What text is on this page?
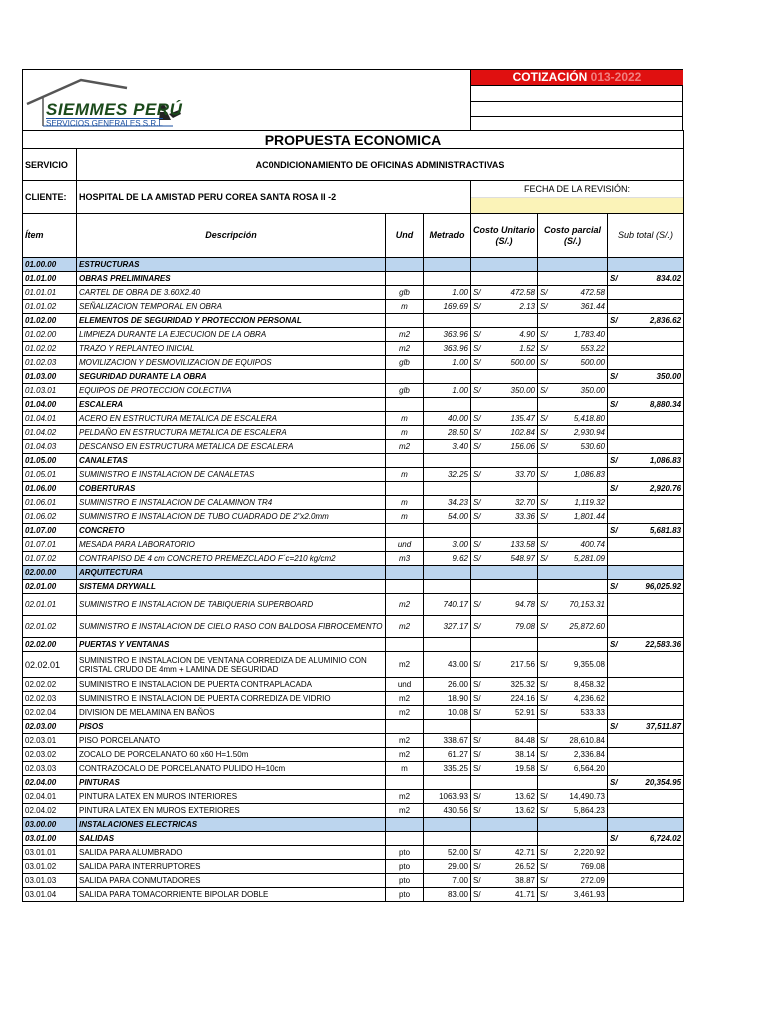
SIEMMES PERÚ
SERVICIOS GENERALES S.R.L
COTIZACIÓN 013-2022
PROPUESTA ECONOMICA						
SERVICIO	AC0NDICIONAMIENTO DE OFICINAS ADMINISTRACTIVAS					
CLIENTE:	HOSPITAL DE LA AMISTAD PERU COREA SANTA ROSA II -2			FECHA DE LA REVISIÓN:		

Ítem	Descripción	Und	Metrado	Costo Unitario (S/.)	Costo parcial (S/.)	Sub total (S/.)
01.00.00	ESTRUCTURAS					
01.01.00	OBRAS PRELIMINARES					S/ 834.02

01.01.01	CARTEL DE OBRA DE 3.60X2.40	glb	1.00	S/ 472.58	S/ 472.58	

01.01.02	SEÑALIZACION TEMPORAL EN OBRA	m	169.69	S/ 2.13	S/ 361.44	

01.02.00	ELEMENTOS DE SEGURIDAD Y PROTECCION PERSONAL					S/ 2,836.62

01.02.00	LIMPIEZA DURANTE LA EJECUCION DE LA OBRA	m2	363.96	S/ 4.90	S/ 1,783.40	

01.02.02	TRAZO Y REPLANTEO INICIAL	m2	363.96	S/ 1.52	S/ 553.22	

01.02.03	MOVILIZACION Y DESMOVILIZACION DE EQUIPOS	glb	1.00	S/ 500.00	S/ 500.00	

01.03.00	SEGURIDAD DURANTE LA OBRA					S/ 350.00

01.03.01	EQUIPOS DE PROTECCION COLECTIVA	glb	1.00	S/ 350.00	S/ 350.00	

01.04.00	ESCALERA					S/ 8,880.34

01.04.01	ACERO EN ESTRUCTURA METALICA DE ESCALERA	m	40.00	S/ 135.47	S/ 5,418.80	

01.04.02	PELDAÑO EN ESTRUCTURA METALICA DE ESCALERA	m	28.50	S/ 102.84	S/ 2,930.94	

01.04.03	DESCANSO EN ESTRUCTURA METALICA DE ESCALERA	m2	3.40	S/ 156.06	S/ 530.60	

01.05.00	CANALETAS					S/ 1,086.83

01.05.01	SUMINISTRO E INSTALACION DE CANALETAS	m	32.25	S/ 33.70	S/ 1,086.83	

01.06.00	COBERTURAS					S/ 2,920.76

01.06.01	SUMINISTRO E INSTALACION DE CALAMINON TR4	m	34.23	S/ 32.70	S/ 1,119.32	

01.06.02	SUMINISTRO E INSTALACION DE TUBO CUADRADO DE 2"x2.0mm	m	54.00	S/ 33.36	S/ 1,801.44	

01.07.00	CONCRETO					S/ 5,681.83

01.07.01	MESADA PARA LABORATORIO	und	3.00	S/ 133.58	S/ 400.74	

01.07.02	CONTRAPISO DE 4 cm CONCRETO PREMEZCLADO F´c=210 kg/cm2	m3	9.62	S/ 548.97	S/ 5,281.09	

02.00.00	ARQUITECTURA					
02.01.00	SISTEMA DRYWALL					S/ 96,025.92

02.01.01	SUMINISTRO E INSTALACION DE TABIQUERIA SUPERBOARD	m2	740.17	S/ 94.78	S/ 70,153.31	

02.01.02	SUMINISTRO E INSTALACION DE CIELO RASO CON BALDOSA FIBROCEMENTO	m2	327.17	S/ 79.08	S/ 25,872.60	

02.02.00	PUERTAS Y VENTANAS					S/ 22,583.36

02.02.01	SUMINISTRO E INSTALACION DE VENTANA CORREDIZA DE ALUMINIO CON CRISTAL CRUDO DE 4mm + LAMINA DE SEGURIDAD	m2	43.00	S/ 217.56	S/ 9,355.08	

02.02.02	SUMINISTRO E INSTALACION DE PUERTA CONTRAPLACADA	und	26.00	S/ 325.32	S/ 8,458.32	

02.02.03	SUMINISTRO E INSTALACION DE PUERTA CORREDIZA DE VIDRIO	m2	18.90	S/ 224.16	S/ 4,236.62	

02.02.04	DIVISION DE MELAMINA EN BAÑOS	m2	10.08	S/ 52.91	S/ 533.33	

02.03.00	PISOS					S/ 37,511.87

02.03.01	PISO PORCELANATO	m2	338.67	S/ 84.48	S/ 28,610.84	

02.03.02	ZOCALO DE PORCELANATO 60 x60 H=1.50m	m2	61.27	S/ 38.14	S/ 2,336.84	

02.03.03	CONTRAZOCALO DE PORCELANATO PULIDO H=10cm	m	335.25	S/ 19.58	S/ 6,564.20	

02.04.00	PINTURAS					S/ 20,354.95

02.04.01	PINTURA LATEX EN MUROS INTERIORES	m2	1063.93	S/ 13.62	S/ 14,490.73	

02.04.02	PINTURA LATEX EN MUROS EXTERIORES	m2	430.56	S/ 13.62	S/ 5,864.23	

03.00.00	INSTALACIONES ELECTRICAS					
03.01.00	SALIDAS					S/ 6,724.02

03.01.01	SALIDA PARA ALUMBRADO	pto	52.00	S/ 42.71	S/ 2,220.92	

03.01.02	SALIDA PARA INTERRUPTORES	pto	29.00	S/ 26.52	S/ 769.08	

03.01.03	SALIDA PARA CONMUTADORES	pto	7.00	S/ 38.87	S/ 272.09	

03.01.04	SALIDA PARA TOMACORRIENTE BIPOLAR DOBLE	pto	83.00	S/ 41.71	S/ 3,461.93	
